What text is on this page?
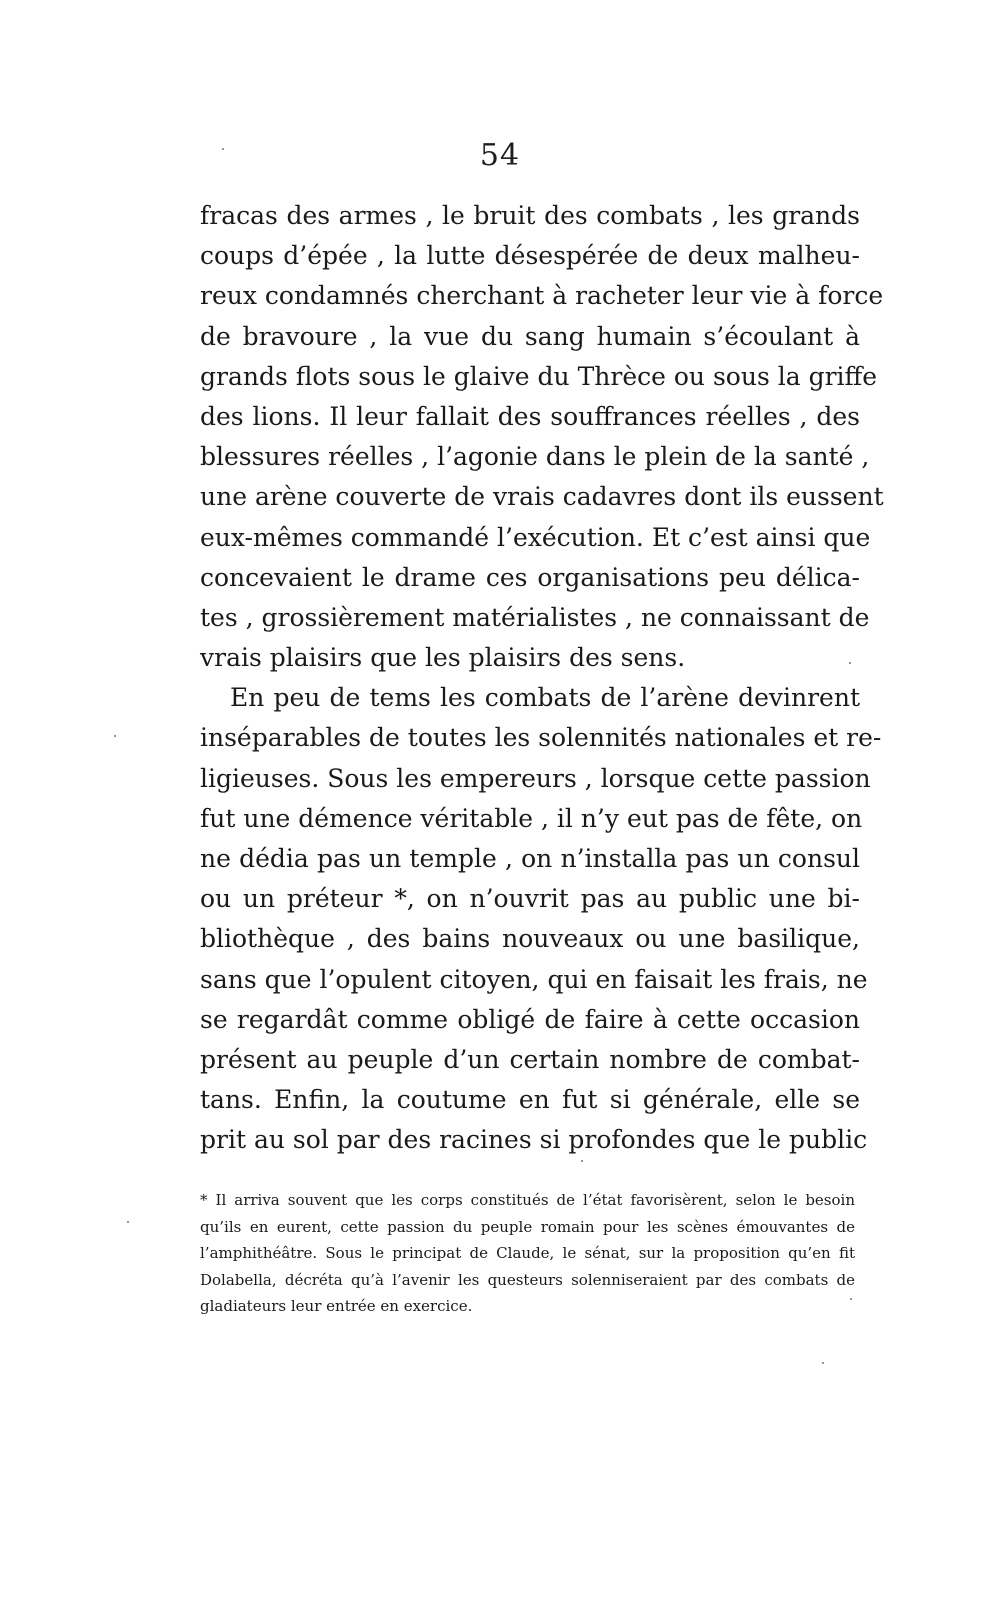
54
fracas des armes , le bruit des combats , les grands
coups d’épée , la lutte désespérée de deux malheu-
reux condamnés cherchant à racheter leur vie à force
de bravoure , la vue du sang humain s’écoulant à
grands flots sous le glaive du Thrèce ou sous la griffe
des lions. Il leur fallait des souffrances réelles , des
blessures réelles , l’agonie dans le plein de la santé ,
une arène couverte de vrais cadavres dont ils eussent
eux-mêmes commandé l’exécution. Et c’est ainsi que
concevaient le drame ces organisations peu délica-
tes , grossièrement matérialistes , ne connaissant de
vrais plaisirs que les plaisirs des sens.
En peu de tems les combats de l’arène devinrent
inséparables de toutes les solennités nationales et re-
ligieuses. Sous les empereurs , lorsque cette passion
fut une démence véritable , il n’y eut pas de fête, on
ne dédia pas un temple , on n’installa pas un consul
ou un préteur *, on n’ouvrit pas au public une bi-
bliothèque , des bains nouveaux ou une basilique,
sans que l’opulent citoyen, qui en faisait les frais, ne
se regardât comme obligé de faire à cette occasion
présent au peuple d’un certain nombre de combat-
tans. Enfin, la coutume en fut si générale, elle se
prit au sol par des racines si profondes que le public
* Il arriva souvent que les corps constitués de l’état favorisèrent, selon le besoin
qu’ils en eurent, cette passion du peuple romain pour les scènes émouvantes de
l’amphithéâtre. Sous le principat de Claude, le sénat, sur la proposition qu’en fit
Dolabella, décréta qu’à l’avenir les questeurs solenniseraient par des combats de
gladiateurs leur entrée en exercice.
